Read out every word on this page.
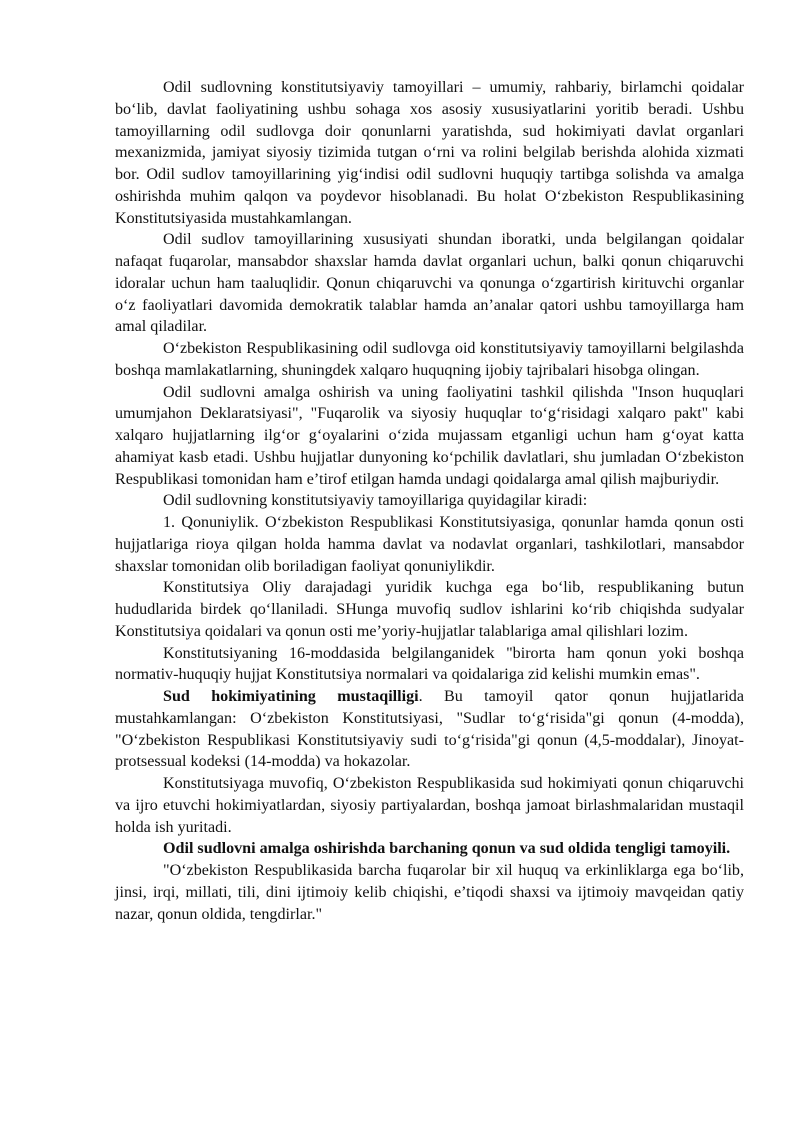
Odil sudlovning konstitutsiyaviy tamoyillari – umumiy, rahbariy, birlamchi qoidalar bo‘lib, davlat faoliyatining ushbu sohaga xos asosiy xususiyatlarini yoritib beradi. Ushbu tamoyillarning odil sudlovga doir qonunlarni yaratishda, sud hokimiyati davlat organlari mexanizmida, jamiyat siyosiy tizimida tutgan o‘rni va rolini belgilab berishda alohida xizmati bor. Odil sudlov tamoyillarining yig‘indisi odil sudlovni huquqiy tartibga solishda va amalga oshirishda muhim qalqon va poydevor hisoblanadi. Bu holat O‘zbekiston Respublikasining Konstitutsiyasida mustahkamlangan.

Odil sudlov tamoyillarining xususiyati shundan iboratki, unda belgilangan qoidalar nafaqat fuqarolar, mansabdor shaxslar hamda davlat organlari uchun, balki qonun chiqaruvchi idoralar uchun ham taaluqlidir. Qonun chiqaruvchi va qonunga o‘zgartirish kirituvchi organlar o‘z faoliyatlari davomida demokratik talablar hamda an’analar qatori ushbu tamoyillarga ham amal qiladilar.

O‘zbekiston Respublikasining odil sudlovga oid konstitutsiyaviy tamoyillarni belgilashda boshqa mamlakatlarning, shuningdek xalqaro huquqning ijobiy tajribalari hisobga olingan.

Odil sudlovni amalga oshirish va uning faoliyatini tashkil qilishda "Inson huquqlari umumjahon Deklaratsiyasi", "Fuqarolik va siyosiy huquqlar to‘g‘risidagi xalqaro pakt" kabi xalqaro hujjatlarning ilg‘or g‘oyalarini o‘zida mujassam etganligi uchun ham g‘oyat katta ahamiyat kasb etadi. Ushbu hujjatlar dunyoning ko‘pchilik davlatlari, shu jumladan O‘zbekiston Respublikasi tomonidan ham e’tirof etilgan hamda undagi qoidalarga amal qilish majburiydir.

Odil sudlovning konstitutsiyaviy tamoyillariga quyidagilar kiradi:

1. Qonuniylik. O‘zbekiston Respublikasi Konstitutsiyasiga, qonunlar hamda qonun osti hujjatlariga rioya qilgan holda hamma davlat va nodavlat organlari, tashkilotlari, mansabdor shaxslar tomonidan olib boriladigan faoliyat qonuniylikdir.

Konstitutsiya Oliy darajadagi yuridik kuchga ega bo‘lib, respublikaning butun hududlarida birdek qo‘llaniladi. SHunga muvofiq sudlov ishlarini ko‘rib chiqishda sudyalar Konstitutsiya qoidalari va qonun osti me’yoriy-hujjatlar talablariga amal qilishlari lozim.

Konstitutsiyaning 16-moddasida belgilanganidek "birorta ham qonun yoki boshqa normativ-huquqiy hujjat Konstitutsiya normalari va qoidalariga zid kelishi mumkin emas".

Sud hokimiyatining mustaqilligi. Bu tamoyil qator qonun hujjatlarida mustahkamlangan: O‘zbekiston Konstitutsiyasi, "Sudlar to‘g‘risida"gi qonun (4-modda), "O‘zbekiston Respublikasi Konstitutsiyaviy sudi to‘g‘risida"gi qonun (4,5-moddalar), Jinoyat-protsessual kodeksi (14-modda) va hokazolar.

Konstitutsiyaga muvofiq, O‘zbekiston Respublikasida sud hokimiyati qonun chiqaruvchi va ijro etuvchi hokimiyatlardan, siyosiy partiyalardan, boshqa jamoat birlashmalaridan mustaqil holda ish yuritadi.

Odil sudlovni amalga oshirishda barchaning qonun va sud oldida tengligi tamoyili.

"O‘zbekiston Respublikasida barcha fuqarolar bir xil huquq va erkinliklarga ega bo‘lib, jinsi, irqi, millati, tili, dini ijtimoiy kelib chiqishi, e’tiqodi shaxsi va ijtimoiy mavqeidan qatiy nazar, qonun oldida, tengdirlar."
